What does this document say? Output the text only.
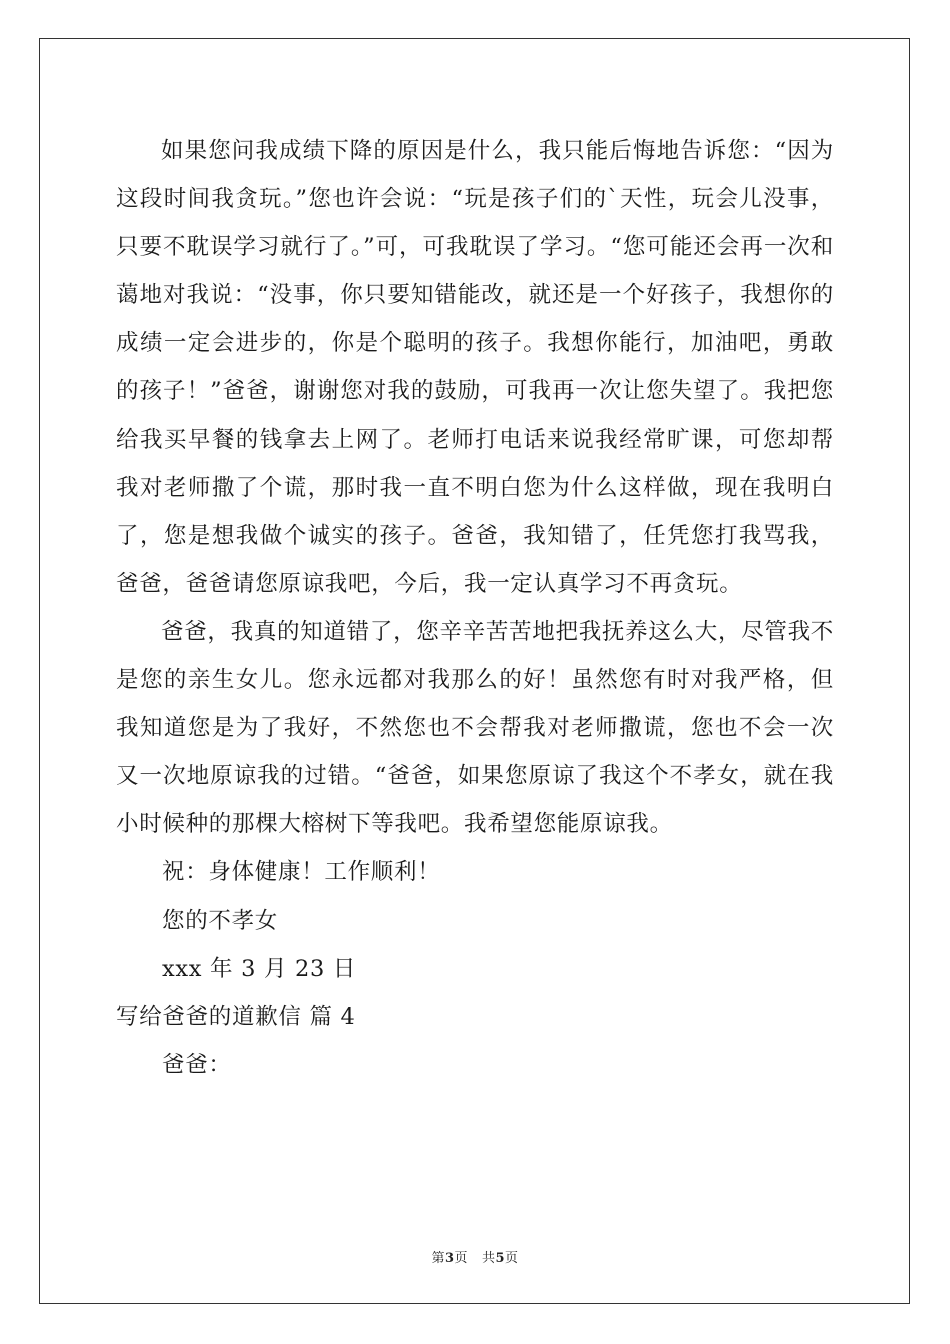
如果您问我成绩下降的原因是什么，我只能后悔地告诉您：“因为这段时间我贪玩。”您也许会说：“玩是孩子们的`天性，玩会儿没事，只要不耽误学习就行了。”可，可我耽误了学习。“您可能还会再一次和蔼地对我说：“没事，你只要知错能改，就还是一个好孩子，我想你的成绩一定会进步的，你是个聪明的孩子。我想你能行，加油吧，勇敢的孩子！”爸爸，谢谢您对我的鼓励，可我再一次让您失望了。我把您给我买早餐的钱拿去上网了。老师打电话来说我经常旷课，可您却帮我对老师撒了个谎，那时我一直不明白您为什么这样做，现在我明白了，您是想我做个诚实的孩子。爸爸，我知错了，任凭您打我骂我，爸爸，爸爸请您原谅我吧，今后，我一定认真学习不再贪玩。

爸爸，我真的知道错了，您辛辛苦苦地把我抚养这么大，尽管我不是您的亲生女儿。您永远都对我那么的好！虽然您有时对我严格，但我知道您是为了我好，不然您也不会帮我对老师撒谎，您也不会一次又一次地原谅我的过错。“爸爸，如果您原谅了我这个不孝女，就在我小时候种的那棵大榕树下等我吧。我希望您能原谅我。

祝：身体健康！工作顺利！

您的不孝女

xxx 年 3 月 23 日

写给爸爸的道歉信 篇 4

爸爸：

第3页   共5页
